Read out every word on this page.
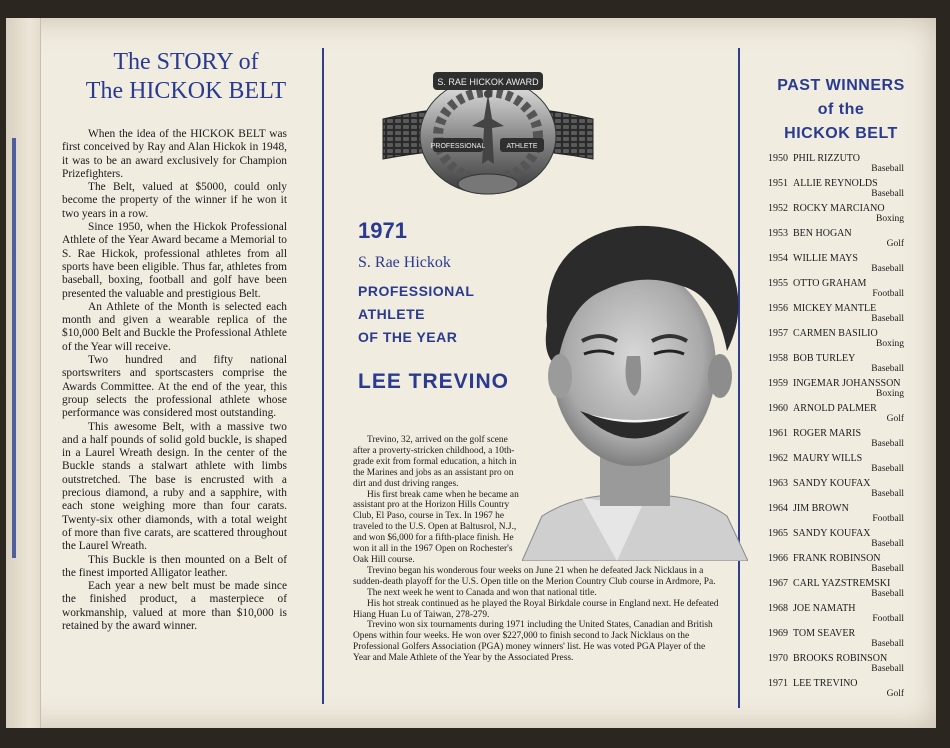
The STORY of
The HICKOK BELT

When the idea of the HICKOK BELT was first conceived by Ray and Alan Hickok in 1948, it was to be an award exclusively for Champion Prizefighters.

The Belt, valued at $5000, could only become the property of the winner if he won it two years in a row.

Since 1950, when the Hickok Professional Athlete of the Year Award became a Memorial to S. Rae Hickok, professional athletes from all sports have been eligible. Thus far, athletes from baseball, boxing, football and golf have been presented the valuable and prestigious Belt.

An Athlete of the Month is selected each month and given a wearable replica of the $10,000 Belt and Buckle the Professional Athlete of the Year will receive.

Two hundred and fifty national sportswriters and sportscasters comprise the Awards Committee. At the end of the year, this group selects the professional athlete whose performance was considered most outstanding.

This awesome Belt, with a massive two and a half pounds of solid gold buckle, is shaped in a Laurel Wreath design. In the center of the Buckle stands a stalwart athlete with limbs outstretched. The base is encrusted with a precious diamond, a ruby and a sapphire, with each stone weighing more than four carats. Twenty-six other diamonds, with a total weight of more than five carats, are scattered throughout the Laurel Wreath.

This Buckle is then mounted on a Belt of the finest imported Alligator leather.

Each year a new belt must be made since the finished product, a masterpiece of workmanship, valued at more than $10,000 is retained by the award winner.

S. RAE HICKOK AWARD
PROFESSIONAL	ATHLETE
1971
S. Rae Hickok
PROFESSIONAL
ATHLETE
OF THE YEAR
LEE TREVINO

Trevino, 32, arrived on the golf scene after a proverty-stricken childhood, a 10th-grade exit from formal education, a hitch in the Marines and jobs as an assistant pro on dirt and dust driving ranges.

His first break came when he became an assistant pro at the Horizon Hills Country Club, El Paso, course in Tex. In 1967 he traveled to the U.S. Open at Baltusrol, N.J., and won $6,000 for a fifth-place finish. He won it all in the 1967 Open on Rochester's Oak Hill course.

Trevino began his wonderous four weeks on June 21 when he defeated Jack Nicklaus in a sudden-death playoff for the U.S. Open title on the Merion Country Club course in Ardmore, Pa.

The next week he went to Canada and won that national title.

His hot streak continued as he played the Royal Birkdale course in England next. He defeated Hiang Huan Lu of Taiwan, 278-279.

Trevino won six tournaments during 1971 including the United States, Canadian and British Opens within four weeks. He won over $227,000 to finish second to Jack Nicklaus on the Professional Golfers Association (PGA) money winners' list. He was voted PGA Player of the Year and Male Athlete of the Year by the Associated Press.

PAST WINNERS
of the
HICKOK BELT
1950 PHIL RIZZUTO
Baseball
1951 ALLIE REYNOLDS
Baseball
1952 ROCKY MARCIANO
Boxing
1953 BEN HOGAN
Golf
1954 WILLIE MAYS
Baseball
1955 OTTO GRAHAM
Football
1956 MICKEY MANTLE
Baseball
1957 CARMEN BASILIO
Boxing
1958 BOB TURLEY
Baseball
1959 INGEMAR JOHANSSON
Boxing
1960 ARNOLD PALMER
Golf
1961 ROGER MARIS
Baseball
1962 MAURY WILLS
Baseball
1963 SANDY KOUFAX
Baseball
1964 JIM BROWN
Football
1965 SANDY KOUFAX
Baseball
1966 FRANK ROBINSON
Baseball
1967 CARL YAZSTREMSKI
Baseball
1968 JOE NAMATH
Football
1969 TOM SEAVER
Baseball
1970 BROOKS ROBINSON
Baseball
1971 LEE TREVINO
Golf
